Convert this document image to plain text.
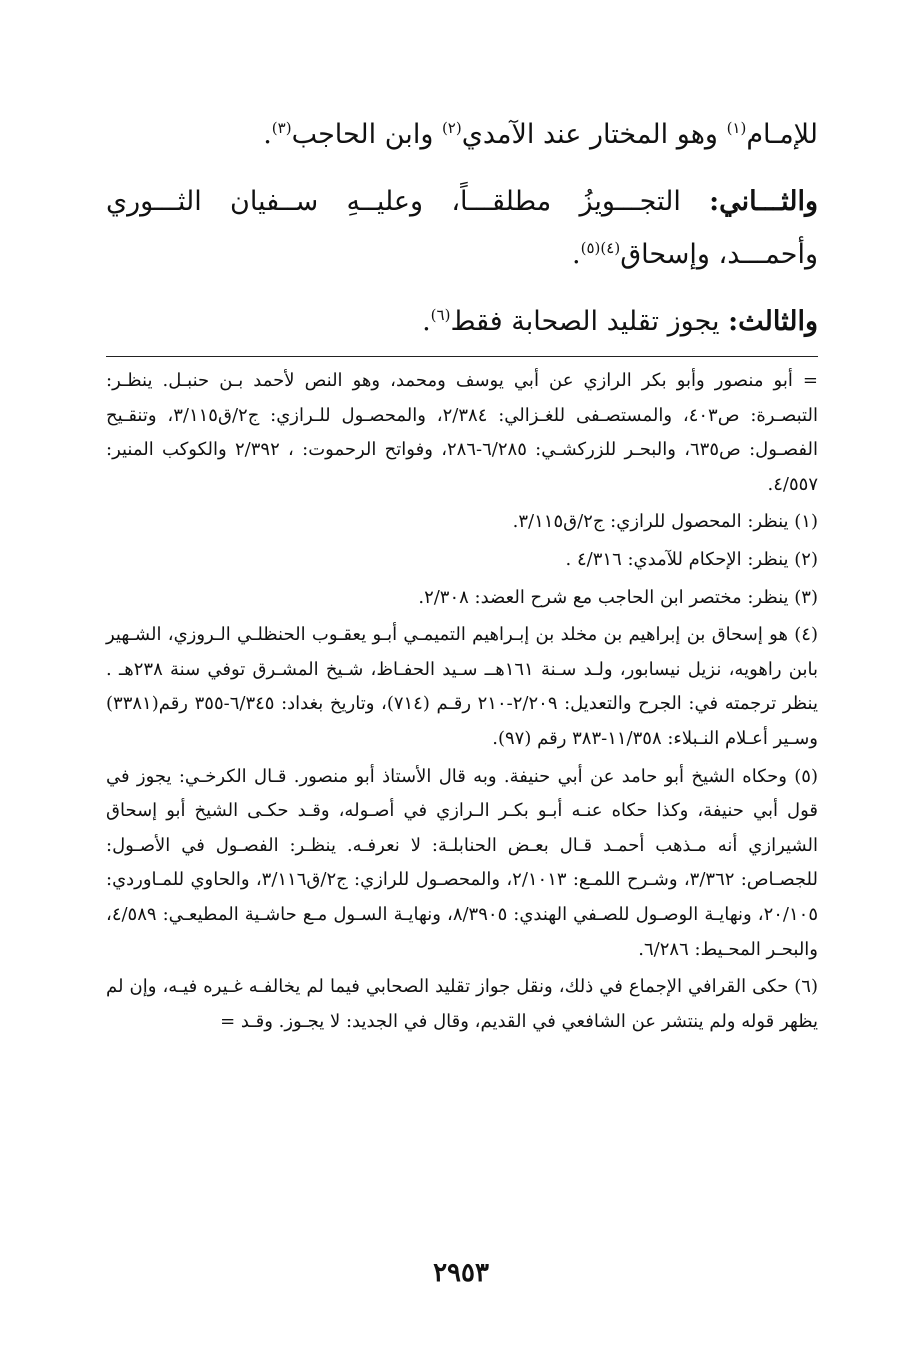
للإمـام$^{(١)}$ وهو المختار عند الآمدي$^{(٢)}$ وابن الحاجب$^{(٣)}$.

والثـــاني: التجـــويزُ مطلقـــاً، وعليــهِ ســفيان الثـــوري وأحمـــد، وإسحاق$^{(٤)(٥)}$.

والثالث: يجوز تقليد الصحابة فقط$^{(٦)}$.

= أبو منصور وأبو بكر الرازي عن أبي يوسف ومحمد، وهو النص لأحمد بـن حنبـل. ينظـر: التبصـرة: ص٤٠٣، والمستصـفى للغـزالي: ٢/٣٨٤، والمحصـول للـرازي: ج٢/ق٣/١١٥، وتنقـيح الفصـول: ص٦٣٥، والبحـر للزركشـي: ٦/٢٨٥-٢٨٦، وفواتح الرحموت: ، ٢/٣٩٢ والكوكب المنير: ٤/٥٥٧.

(١) ينظر: المحصول للرازي: ج٢/ق٣/١١٥.

(٢) ينظر: الإحكام للآمدي: ٤/٣١٦ .

(٣) ينظر: مختصر ابن الحاجب مع شرح العضد: ٢/٣٠٨.

(٤) هو إسحاق بن إبراهيم بن مخلد بن إبـراهيم التميمـي أبـو يعقـوب الحنظلـي الـروزي، الشـهير بابن راهويه، نزيل نيسابور، ولـد سـنة ١٦١هــ سـيد الحفـاظ، شـيخ المشـرق توفي سنة ٢٣٨هـ . ينظر ترجمته في: الجرح والتعديل: ٢/٢٠٩-٢١٠ رقـم (٧١٤)، وتاريخ بغداد: ٦/٣٤٥-٣٥٥ رقم(٣٣٨١) وسـير أعـلام النـبلاء: ١١/٣٥٨-٣٨٣ رقم (٩٧).

(٥) وحكاه الشيخ أبو حامد عن أبي حنيفة. وبه قال الأستاذ أبو منصور. قـال الكرخـي: يجوز في قول أبي حنيفة، وكذا حكاه عنـه أبـو بكـر الـرازي في أصـوله، وقـد حكـى الشيخ أبو إسحاق الشيرازي أنه مـذهب أحمـد قـال بعـض الحنابلـة: لا نعرفـه. ينظـر: الفصـول في الأصـول: للجصـاص: ٣/٣٦٢، وشـرح اللمـع: ٢/١٠١٣، والمحصـول للرازي: ج٢/ق٣/١١٦، والحاوي للمـاوردي: ٢٠/١٠٥، ونهايـة الوصـول للصـفي الهندي: ٨/٣٩٠٥، ونهايـة السـول مـع حاشـية المطيعـي: ٤/٥٨٩، والبحـر المحـيط: ٦/٢٨٦.

(٦) حكى القرافي الإجماع في ذلك، ونقل جواز تقليد الصحابي فيما لم يخالفـه غـيره فيـه، وإن لم يظهر قوله ولم ينتشر عن الشافعي في القديم، وقال في الجديد: لا يجـوز. وقـد =

٢٩٥٣
